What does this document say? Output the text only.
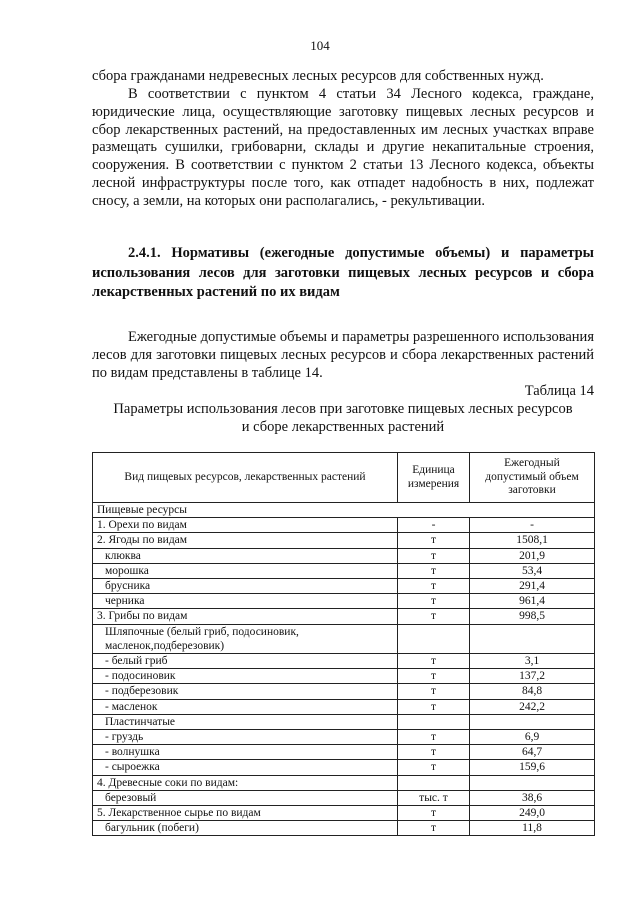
104
сбора гражданами недревесных лесных ресурсов для собственных нужд.
В соответствии с пунктом 4 статьи 34 Лесного кодекса, граждане, юридические лица, осуществляющие заготовку пищевых лесных ресурсов и сбор лекарственных растений, на предоставленных им лесных участках вправе размещать сушилки, грибоварни, склады и другие некапитальные строения, сооружения. В соответствии с пунктом 2 статьи 13 Лесного кодекса, объекты лесной инфраструктуры после того, как отпадет надобность в них, подлежат сносу, а земли, на которых они располагались, - рекультивации.
2.4.1. Нормативы (ежегодные допустимые объемы) и параметры использования лесов для заготовки пищевых лесных ресурсов и сбора лекарственных растений по их видам
Ежегодные допустимые объемы и параметры разрешенного использования лесов для заготовки пищевых лесных ресурсов и сбора лекарственных растений по видам представлены в таблице 14.
Таблица 14
Параметры использования лесов при заготовке пищевых лесных ресурсов
и сборе лекарственных растений
Вид пищевых ресурсов, лекарственных растений	Единица измерения	Ежегодный допустимый объем заготовки
Пищевые ресурсы		
1. Орехи по видам	-	-
2. Ягоды по видам	т	1508,1
клюква	т	201,9
морошка	т	53,4
брусника	т	291,4
черника	т	961,4
3. Грибы по видам	т	998,5
Шляпочные (белый гриб, подосиновик, масленок,подберезовик)		
- белый гриб	т	3,1
- подосиновик	т	137,2
- подберезовик	т	84,8
- масленок	т	242,2
Пластинчатые		
- груздь	т	6,9
- волнушка	т	64,7
- сыроежка	т	159,6
4. Древесные соки по видам:		
березовый	тыс. т	38,6
5. Лекарственное сырье по видам	т	249,0
багульник (побеги)	т	11,8
